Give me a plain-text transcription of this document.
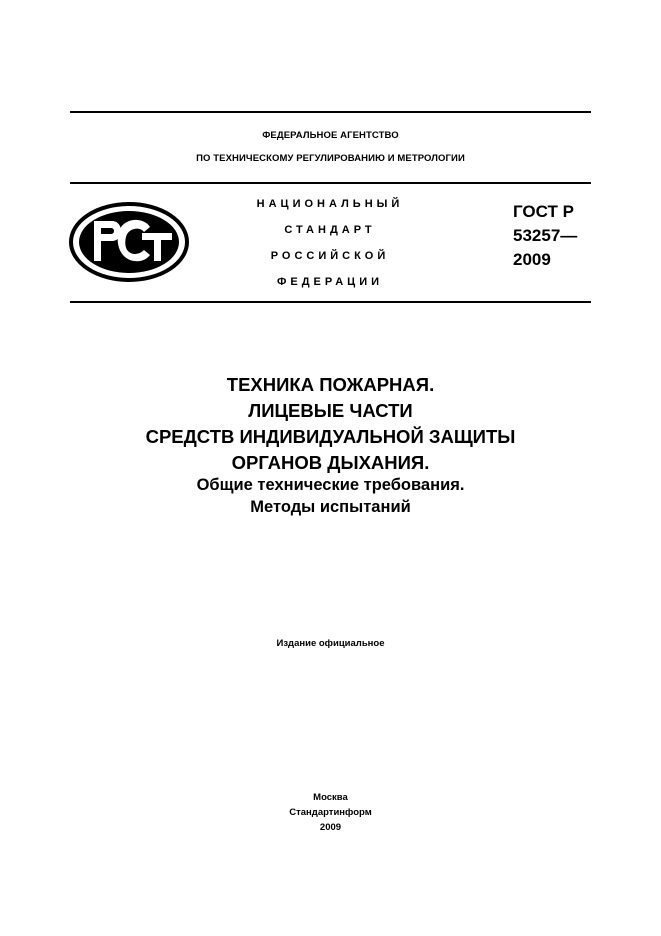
ФЕДЕРАЛЬНОЕ АГЕНТСТВО
ПО ТЕХНИЧЕСКОМУ РЕГУЛИРОВАНИЮ И МЕТРОЛОГИИ
НАЦИОНАЛЬНЫЙ
СТАНДАРТ
РОССИЙСКОЙ
ФЕДЕРАЦИИ
ГОСТ Р
53257—
2009
ТЕХНИКА ПОЖАРНАЯ.
ЛИЦЕВЫЕ ЧАСТИ
СРЕДСТВ ИНДИВИДУАЛЬНОЙ ЗАЩИТЫ
ОРГАНОВ ДЫХАНИЯ.
Общие технические требования.
Методы испытаний
Издание официальное
Москва
Стандартинформ
2009
